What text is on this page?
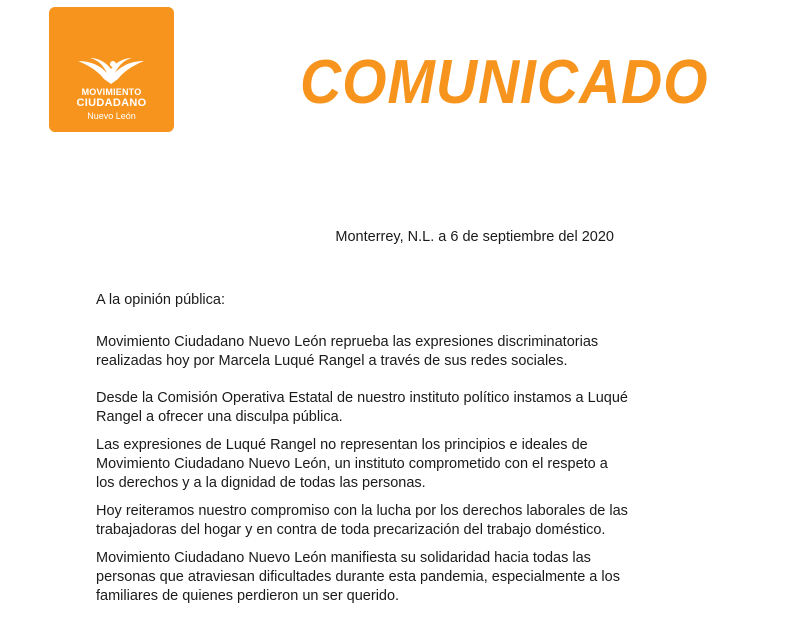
MOVIMIENTO
CIUDADANO
Nuevo León	COMUNICADO
Monterrey, N.L. a 6 de septiembre del 2020
A la opinión pública:
Movimiento Ciudadano Nuevo León reprueba las expresiones discriminatorias
realizadas hoy por Marcela Luqué Rangel a través de sus redes sociales.
Desde la Comisión Operativa Estatal de nuestro instituto político instamos a Luqué
Rangel a ofrecer una disculpa pública.
Las expresiones de Luqué Rangel no representan los principios e ideales de
Movimiento Ciudadano Nuevo León, un instituto comprometido con el respeto a
los derechos y a la dignidad de todas las personas.
Hoy reiteramos nuestro compromiso con la lucha por los derechos laborales de las
trabajadoras del hogar y en contra de toda precarización del trabajo doméstico.
Movimiento Ciudadano Nuevo León manifiesta su solidaridad hacia todas las
personas que atraviesan dificultades durante esta pandemia, especialmente a los
familiares de quienes perdieron un ser querido.
